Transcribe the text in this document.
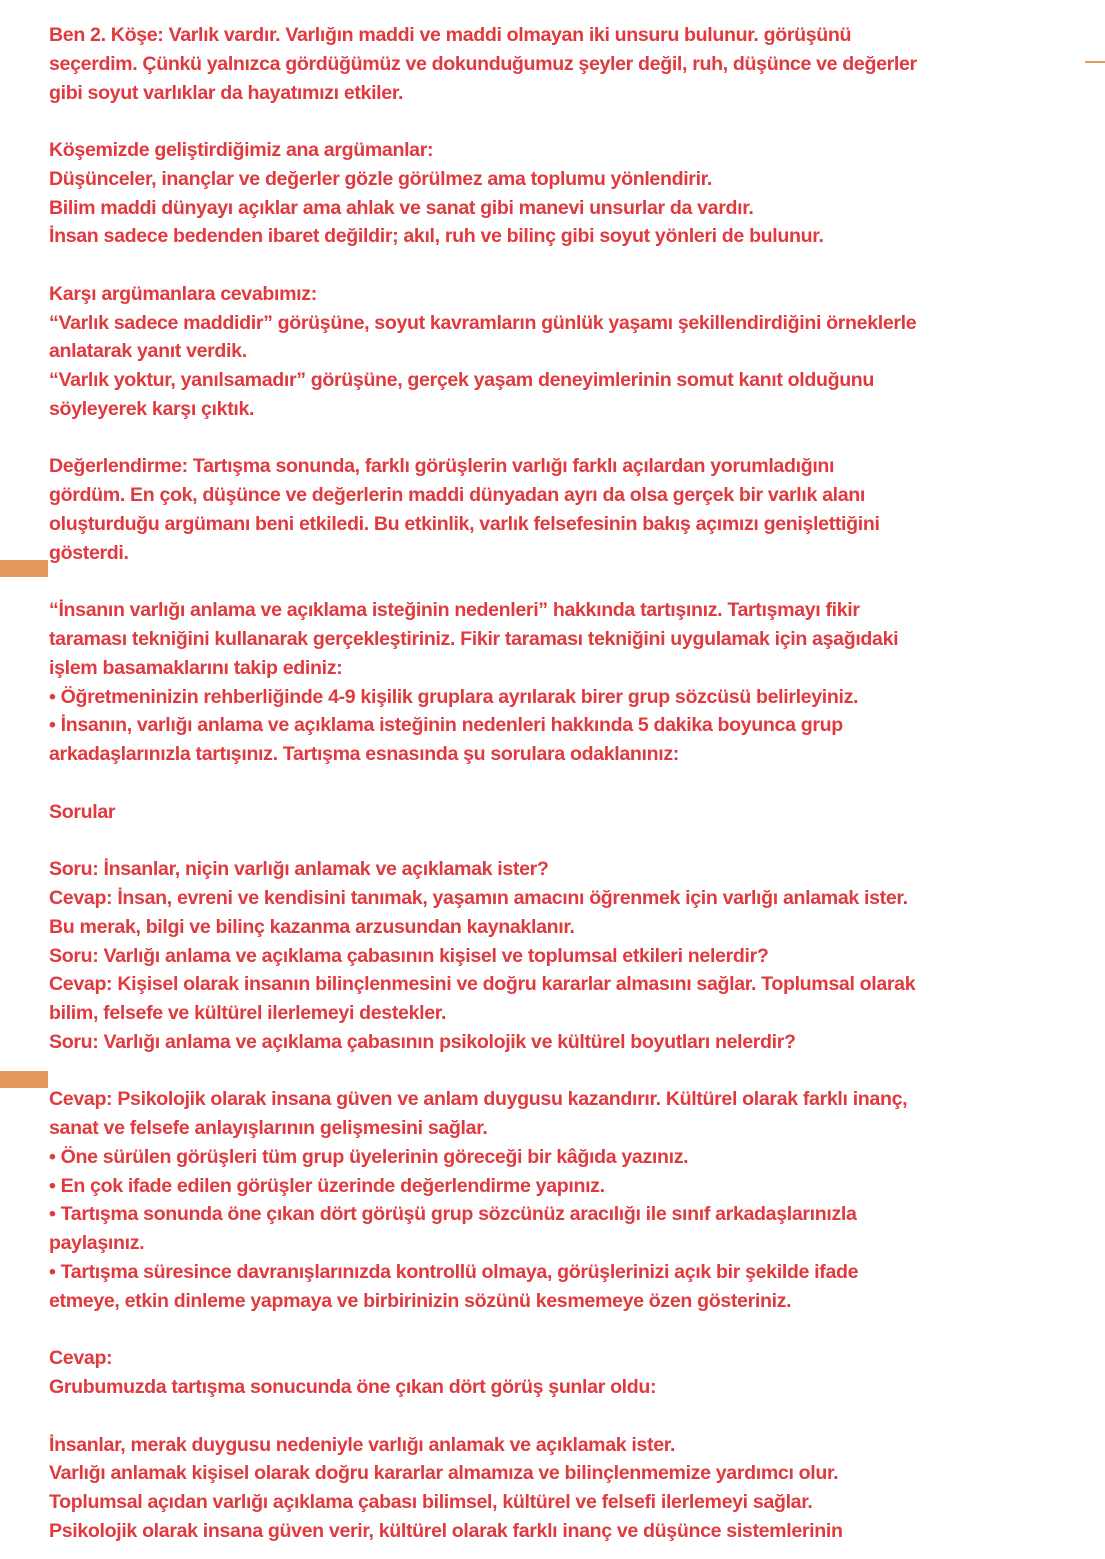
Ben 2. Köşe: Varlık vardır. Varlığın maddi ve maddi olmayan iki unsuru bulunur. görüşünü
seçerdim. Çünkü yalnızca gördüğümüz ve dokunduğumuz şeyler değil, ruh, düşünce ve değerler
gibi soyut varlıklar da hayatımızı etkiler.
Köşemizde geliştirdiğimiz ana argümanlar:
Düşünceler, inançlar ve değerler gözle görülmez ama toplumu yönlendirir.
Bilim maddi dünyayı açıklar ama ahlak ve sanat gibi manevi unsurlar da vardır.
İnsan sadece bedenden ibaret değildir; akıl, ruh ve bilinç gibi soyut yönleri de bulunur.
Karşı argümanlara cevabımız:
“Varlık sadece maddidir” görüşüne, soyut kavramların günlük yaşamı şekillendirdiğini örneklerle
anlatarak yanıt verdik.
“Varlık yoktur, yanılsamadır” görüşüne, gerçek yaşam deneyimlerinin somut kanıt olduğunu
söyleyerek karşı çıktık.
Değerlendirme: Tartışma sonunda, farklı görüşlerin varlığı farklı açılardan yorumladığını
gördüm. En çok, düşünce ve değerlerin maddi dünyadan ayrı da olsa gerçek bir varlık alanı
oluşturduğu argümanı beni etkiledi. Bu etkinlik, varlık felsefesinin bakış açımızı genişlettiğini
gösterdi.
“İnsanın varlığı anlama ve açıklama isteğinin nedenleri” hakkında tartışınız. Tartışmayı fikir
taraması tekniğini kullanarak gerçekleştiriniz. Fikir taraması tekniğini uygulamak için aşağıdaki
işlem basamaklarını takip ediniz:
• Öğretmeninizin rehberliğinde 4-9 kişilik gruplara ayrılarak birer grup sözcüsü belirleyiniz.
• İnsanın, varlığı anlama ve açıklama isteğinin nedenleri hakkında 5 dakika boyunca grup
arkadaşlarınızla tartışınız. Tartışma esnasında şu sorulara odaklanınız:
Sorular
Soru: İnsanlar, niçin varlığı anlamak ve açıklamak ister?
Cevap: İnsan, evreni ve kendisini tanımak, yaşamın amacını öğrenmek için varlığı anlamak ister.
Bu merak, bilgi ve bilinç kazanma arzusundan kaynaklanır.
Soru: Varlığı anlama ve açıklama çabasının kişisel ve toplumsal etkileri nelerdir?
Cevap: Kişisel olarak insanın bilinçlenmesini ve doğru kararlar almasını sağlar. Toplumsal olarak
bilim, felsefe ve kültürel ilerlemeyi destekler.
Soru: Varlığı anlama ve açıklama çabasının psikolojik ve kültürel boyutları nelerdir?
Cevap: Psikolojik olarak insana güven ve anlam duygusu kazandırır. Kültürel olarak farklı inanç,
sanat ve felsefe anlayışlarının gelişmesini sağlar.
• Öne sürülen görüşleri tüm grup üyelerinin göreceği bir kâğıda yazınız.
• En çok ifade edilen görüşler üzerinde değerlendirme yapınız.
• Tartışma sonunda öne çıkan dört görüşü grup sözcünüz aracılığı ile sınıf arkadaşlarınızla
paylaşınız.
• Tartışma süresince davranışlarınızda kontrollü olmaya, görüşlerinizi açık bir şekilde ifade
etmeye, etkin dinleme yapmaya ve birbirinizin sözünü kesmemeye özen gösteriniz.
Cevap:
Grubumuzda tartışma sonucunda öne çıkan dört görüş şunlar oldu:
İnsanlar, merak duygusu nedeniyle varlığı anlamak ve açıklamak ister.
Varlığı anlamak kişisel olarak doğru kararlar almamıza ve bilinçlenmemize yardımcı olur.
Toplumsal açıdan varlığı açıklama çabası bilimsel, kültürel ve felsefi ilerlemeyi sağlar.
Psikolojik olarak insana güven verir, kültürel olarak farklı inanç ve düşünce sistemlerinin
